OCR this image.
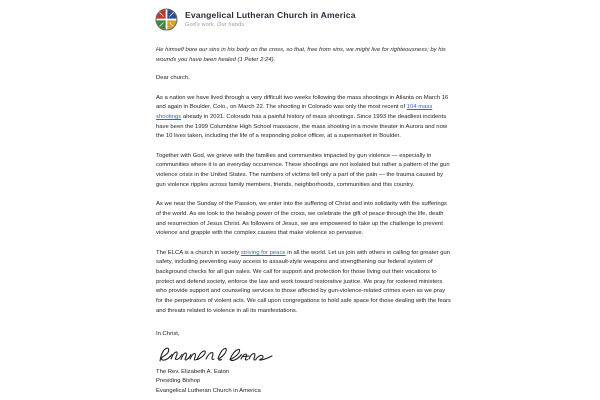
Evangelical Lutheran Church in America
God's work. Our hands.

He himself bore our sins in his body on the cross, so that, free from sins, we might live for righteousness; by his wounds you have been healed (1 Peter 2:24).

Dear church,

As a nation we have lived through a very difficult two weeks following the mass shootings in Atlanta on March 16 and again in Boulder, Colo., on March 22. The shooting in Colorado was only the most recent of 104 mass shootings already in 2021. Colorado has a painful history of mass shootings. Since 1993 the deadliest incidents have been the 1999 Columbine High School massacre, the mass shooting in a movie theater in Aurora and now the 10 lives taken, including the life of a responding police officer, at a supermarket in Boulder.

Together with God, we grieve with the families and communities impacted by gun violence — especially in communities where it is an everyday occurrence. These shootings are not isolated but rather a pattern of the gun violence crisis in the United States. The numbers of victims tell only a part of the pain — the trauma caused by gun violence ripples across family members, friends, neighborhoods, communities and this country.

As we near the Sunday of the Passion, we enter into the suffering of Christ and into solidarity with the sufferings of the world. As we look to the healing power of the cross, we celebrate the gift of peace through the life, death and resurrection of Jesus Christ. As followers of Jesus, we are empowered to take up the challenge to prevent violence and grapple with the complex causes that make violence so pervasive.

The ELCA is a church in society striving for peace in all the world. Let us join with others in calling for greater gun safety, including preventing easy access to assault-style weapons and strengthening our federal system of background checks for all gun sales. We call for support and protection for those living out their vocations to protect and defend society, enforce the law and work toward restorative justice. We pray for rostered ministers who provide support and counseling services to those affected by gun-violence-related crimes even as we pray for the perpetrators of violent acts. We call upon congregations to hold safe space for those dealing with the fears and threats related to violence in all its manifestations.

In Christ,

The Rev. Elizabeth A. Eaton
Presiding Bishop
Evangelical Lutheran Church in America
